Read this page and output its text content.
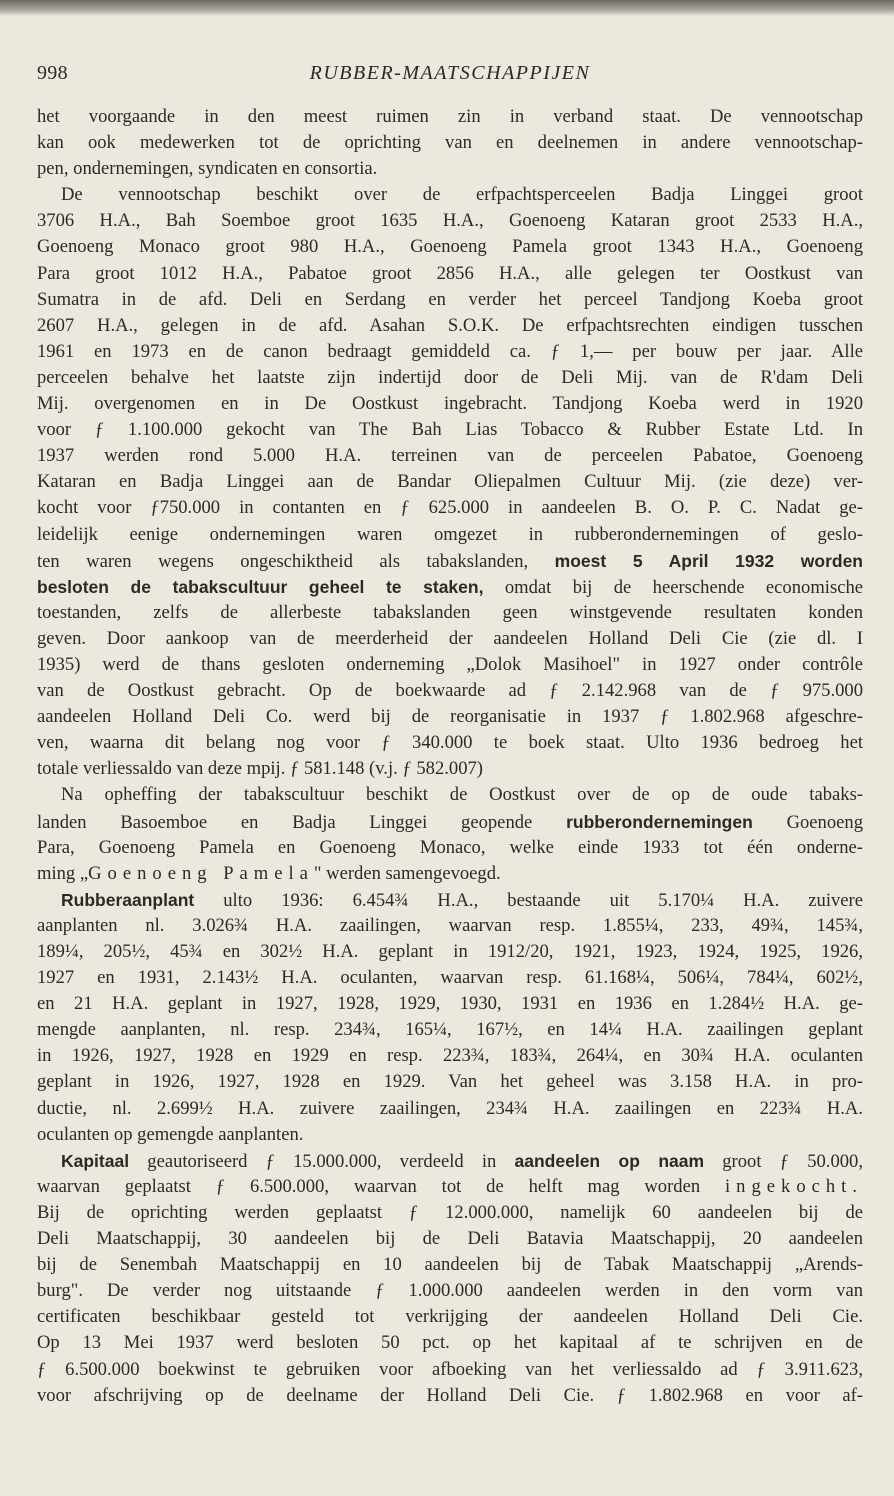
998	RUBBER-MAATSCHAPPIJEN
het voorgaande in den meest ruimen zin in verband staat. De vennootschap
kan ook medewerken tot de oprichting van en deelnemen in andere vennootschap-
pen, ondernemingen, syndicaten en consortia.
De vennootschap beschikt over de erfpachtsperceelen Badja Linggei groot
3706 H.A., Bah Soemboe groot 1635 H.A., Goenoeng Kataran groot 2533 H.A.,
Goenoeng Monaco groot 980 H.A., Goenoeng Pamela groot 1343 H.A., Goenoeng
Para groot 1012 H.A., Pabatoe groot 2856 H.A., alle gelegen ter Oostkust van
Sumatra in de afd. Deli en Serdang en verder het perceel Tandjong Koeba groot
2607 H.A., gelegen in de afd. Asahan S.O.K. De erfpachtsrechten eindigen tusschen
1961 en 1973 en de canon bedraagt gemiddeld ca. ƒ 1,— per bouw per jaar. Alle
perceelen behalve het laatste zijn indertijd door de Deli Mij. van de R'dam Deli
Mij. overgenomen en in De Oostkust ingebracht. Tandjong Koeba werd in 1920
voor ƒ 1.100.000 gekocht van The Bah Lias Tobacco & Rubber Estate Ltd. In
1937 werden rond 5.000 H.A. terreinen van de perceelen Pabatoe, Goenoeng
Kataran en Badja Linggei aan de Bandar Oliepalmen Cultuur Mij. (zie deze) ver-
kocht voor ƒ750.000 in contanten en ƒ 625.000 in aandeelen B. O. P. C. Nadat ge-
leidelijk eenige ondernemingen waren omgezet in rubberondernemingen of geslo-
ten waren wegens ongeschiktheid als tabakslanden, moest 5 April 1932 worden
besloten de tabakscultuur geheel te staken, omdat bij de heerschende economische
toestanden, zelfs de allerbeste tabakslanden geen winstgevende resultaten konden
geven. Door aankoop van de meerderheid der aandeelen Holland Deli Cie (zie dl. I
1935) werd de thans gesloten onderneming „Dolok Masihoel" in 1927 onder contrôle
van de Oostkust gebracht. Op de boekwaarde ad ƒ 2.142.968 van de ƒ 975.000
aandeelen Holland Deli Co. werd bij de reorganisatie in 1937 ƒ 1.802.968 afgeschre-
ven, waarna dit belang nog voor ƒ 340.000 te boek staat. Ulto 1936 bedroeg het
totale verliessaldo van deze mpij. ƒ 581.148 (v.j. ƒ 582.007)
Na opheffing der tabakscultuur beschikt de Oostkust over de op de oude tabaks-
landen Basoemboe en Badja Linggei geopende rubberondernemingen Goenoeng
Para, Goenoeng Pamela en Goenoeng Monaco, welke einde 1933 tot één onderne-
ming „Goenoeng Pamela" werden samengevoegd.
Rubberaanplant ulto 1936: 6.454¾ H.A., bestaande uit 5.170¼ H.A. zuivere
aanplanten nl. 3.026¾ H.A. zaailingen, waarvan resp. 1.855¼, 233, 49¾, 145¾,
189¼, 205½, 45¾ en 302½ H.A. geplant in 1912/20, 1921, 1923, 1924, 1925, 1926,
1927 en 1931, 2.143½ H.A. oculanten, waarvan resp. 61.168¼, 506¼, 784¼, 602½,
en 21 H.A. geplant in 1927, 1928, 1929, 1930, 1931 en 1936 en 1.284½ H.A. ge-
mengde aanplanten, nl. resp. 234¾, 165¼, 167½, en 14¼ H.A. zaailingen geplant
in 1926, 1927, 1928 en 1929 en resp. 223¾, 183¾, 264¼, en 30¾ H.A. oculanten
geplant in 1926, 1927, 1928 en 1929. Van het geheel was 3.158 H.A. in pro-
ductie, nl. 2.699½ H.A. zuivere zaailingen, 234¾ H.A. zaailingen en 223¾ H.A.
oculanten op gemengde aanplanten.
Kapitaal geautoriseerd ƒ 15.000.000, verdeeld in aandeelen op naam groot ƒ 50.000,
waarvan geplaatst ƒ 6.500.000, waarvan tot de helft mag worden ingekocht.
Bij de oprichting werden geplaatst ƒ 12.000.000, namelijk 60 aandeelen bij de
Deli Maatschappij, 30 aandeelen bij de Deli Batavia Maatschappij, 20 aandeelen
bij de Senembah Maatschappij en 10 aandeelen bij de Tabak Maatschappij „Arends-
burg". De verder nog uitstaande ƒ 1.000.000 aandeelen werden in den vorm van
certificaten beschikbaar gesteld tot verkrijging der aandeelen Holland Deli Cie.
Op 13 Mei 1937 werd besloten 50 pct. op het kapitaal af te schrijven en de
ƒ 6.500.000 boekwinst te gebruiken voor afboeking van het verliessaldo ad ƒ 3.911.623,
voor afschrijving op de deelname der Holland Deli Cie. ƒ 1.802.968 en voor af-
